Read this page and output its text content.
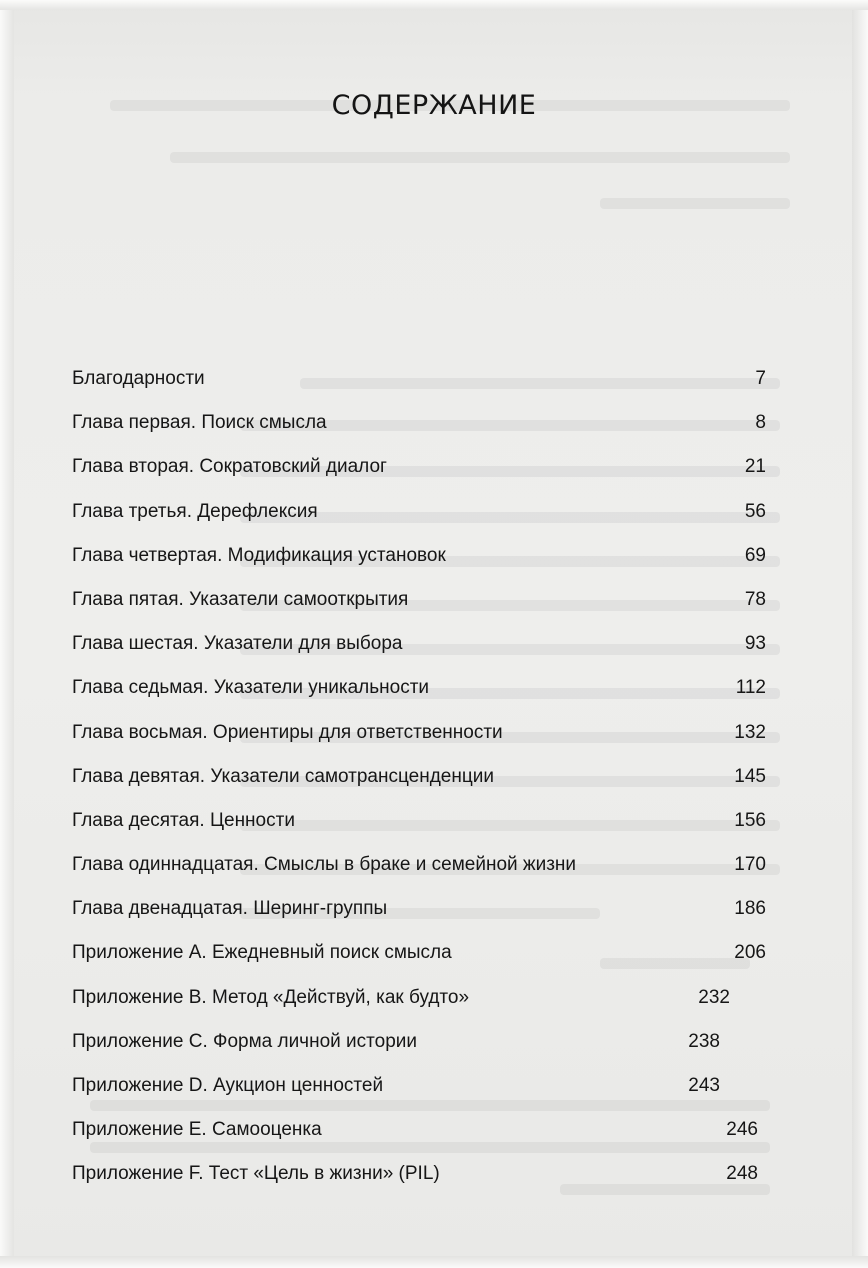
СОДЕРЖАНИЕ
Благодарности	7
Глава первая. Поиск смысла	8
Глава вторая. Сократовский диалог	21
Глава третья. Дерефлексия	56
Глава четвертая. Модификация установок	69
Глава пятая. Указатели самооткрытия	78
Глава шестая. Указатели для выбора	93
Глава седьмая. Указатели уникальности	112
Глава восьмая. Ориентиры для ответственности	132
Глава девятая. Указатели самотрансценденции	145
Глава десятая. Ценности	156
Глава одиннадцатая. Смыслы в браке и семейной жизни	170
Глава двенадцатая. Шеринг-группы	186
Приложение А. Ежедневный поиск смысла	206
Приложение В. Метод «Действуй, как будто»	232
Приложение С. Форма личной истории	238
Приложение D. Аукцион ценностей	243
Приложение Е. Самооценка	246
Приложение F. Тест «Цель в жизни» (PIL)	248
